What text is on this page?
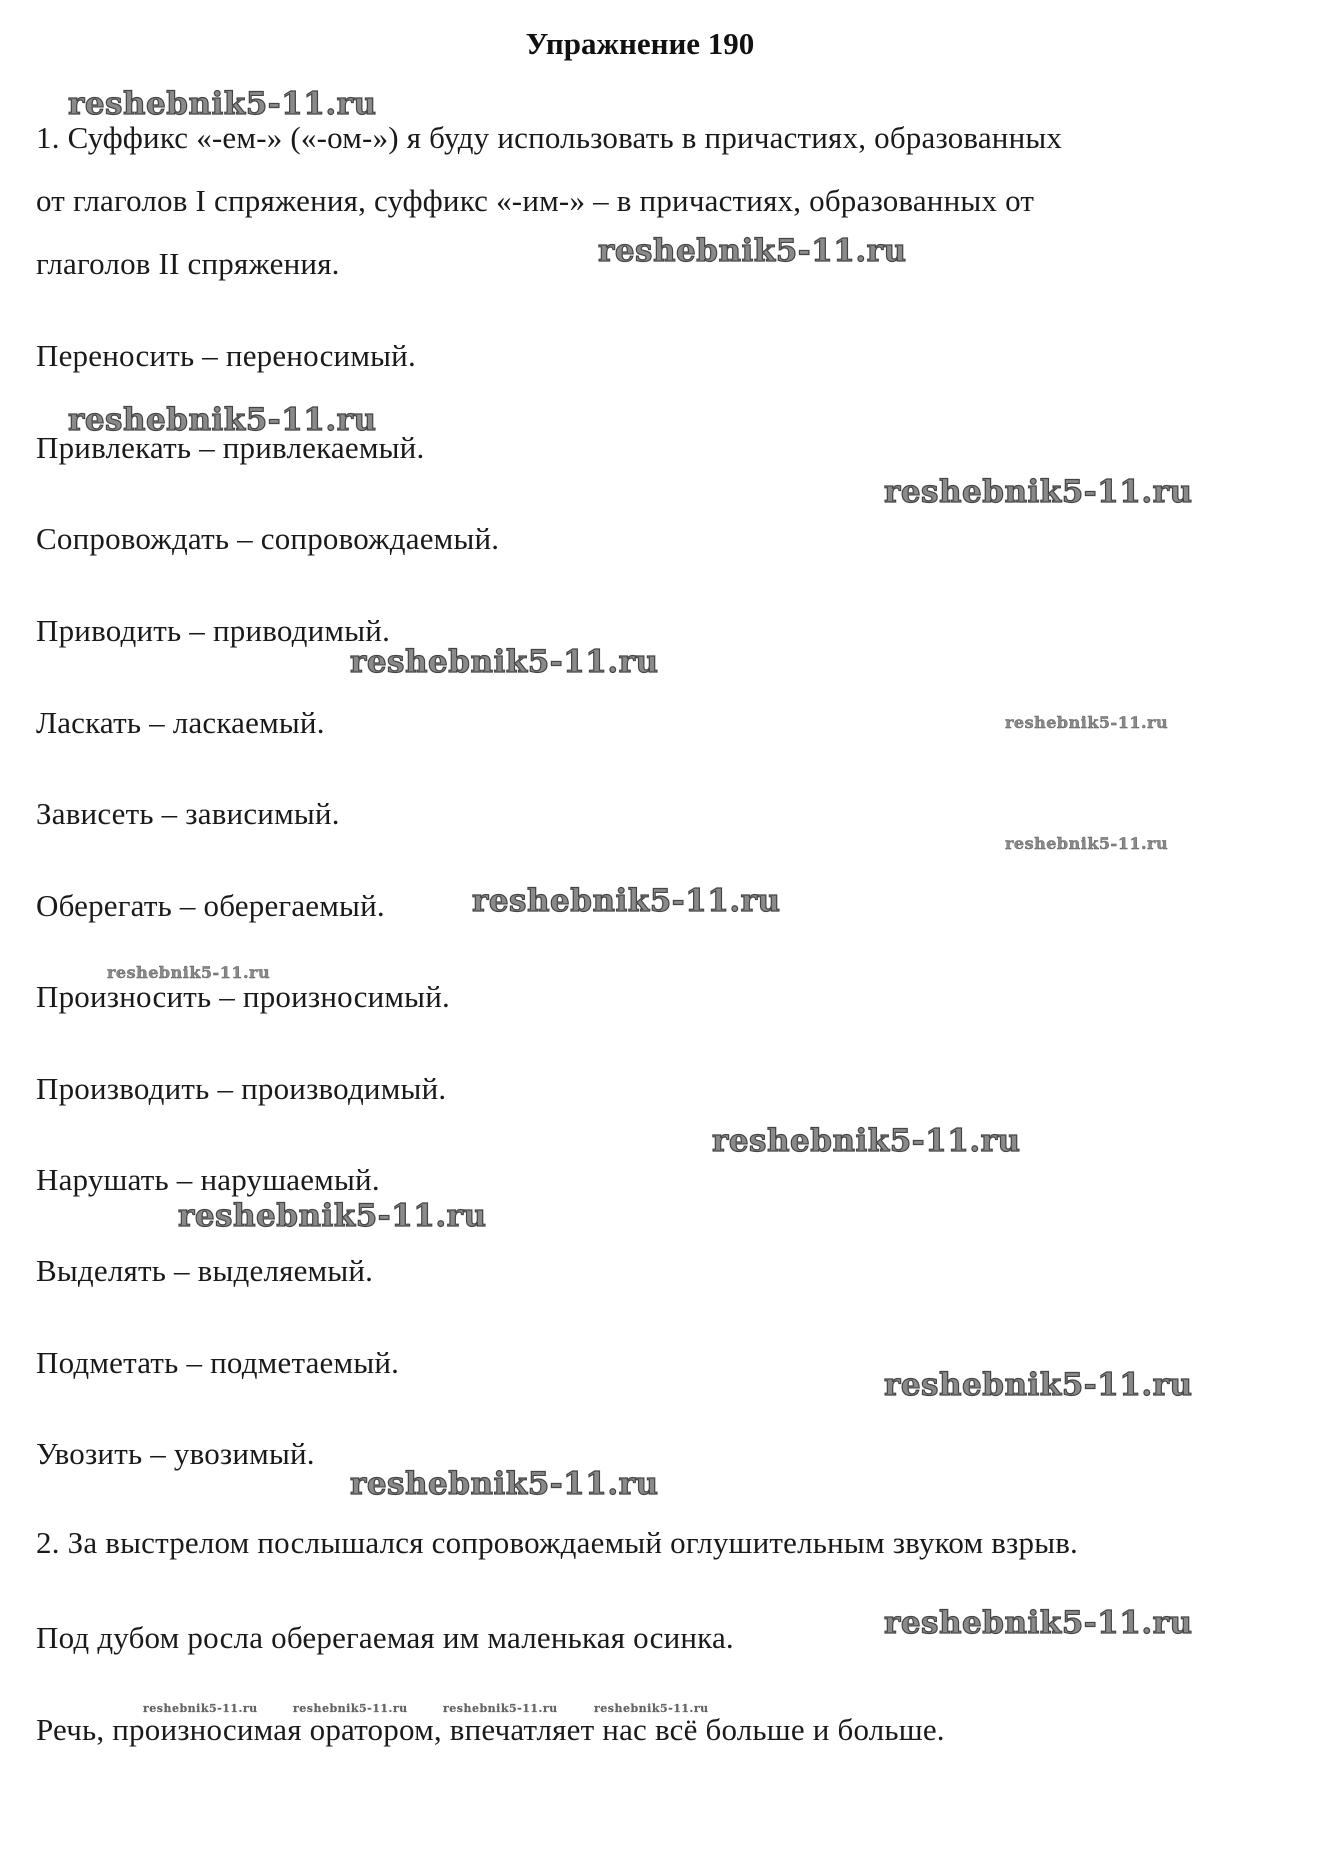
Упражнение 190
1. Суффикс «-ем-» («-ом-») я буду использовать в причастиях, образованных
от глаголов I спряжения, суффикс «-им-» – в причастиях, образованных от
глаголов II спряжения.
Переносить – переносимый.
Привлекать – привлекаемый.
Сопровождать – сопровождаемый.
Приводить – приводимый.
Ласкать – ласкаемый.
Зависеть – зависимый.
Оберегать – оберегаемый.
Произносить – произносимый.
Производить – производимый.
Нарушать – нарушаемый.
Выделять – выделяемый.
Подметать – подметаемый.
Увозить – увозимый.
2. За выстрелом послышался сопровождаемый оглушительным звуком взрыв.
Под дубом росла оберегаемая им маленькая осинка.
Речь, произносимая оратором, впечатляет нас всё больше и больше.
reshebnik5-11.ru
reshebnik5-11.ru
reshebnik5-11.ru
reshebnik5-11.ru
reshebnik5-11.ru
reshebnik5-11.ru
reshebnik5-11.ru
reshebnik5-11.ru
reshebnik5-11.ru
reshebnik5-11.ru
reshebnik5-11.ru
reshebnik5-11.ru
reshebnik5-11.ru
reshebnik5-11.ru
reshebnik5-11.ru	reshebnik5-11.ru	reshebnik5-11.ru	reshebnik5-11.ru
